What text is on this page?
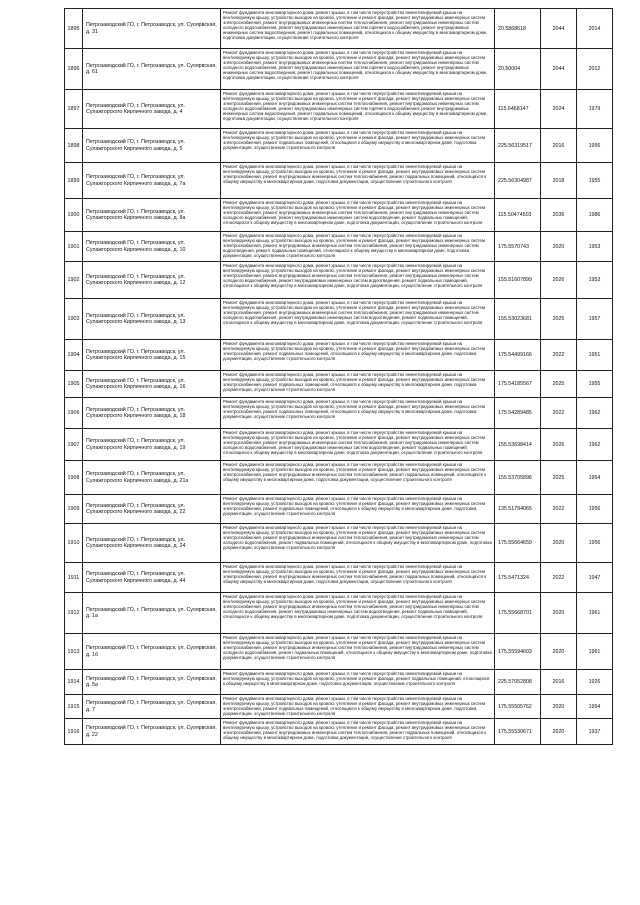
1895	Петрозаводский ГО, г. Петрозаводск, ул. Суоярвская, д. 31	Ремонт фундамента многоквартирного дома, ремонт крыши, в том числе переустройство невентилируемой крыши на вентилируемую крышу, устройство выходов на кровлю, утепление и ремонт фасада, ремонт внутридомовых инженерных систем электроснабжения, ремонт внутридомовых инженерных систем теплоснабжения, ремонт внутридомовых инженерных систем холодного водоснабжения, ремонт внутридомовых инженерных систем горячего водоснабжения, ремонт внутридомовых инженерных систем водоотведения, ремонт подвальных помещений, относящихся к общему имуществу в многоквартирном доме, подготовка документации, осуществление строительного контроля	20.5868618	2044	2014
1896	Петрозаводский ГО, г. Петрозаводск, ул. Суоярвская, д. 61	Ремонт фундамента многоквартирного дома, ремонт крыши, в том числе переустройство невентилируемой крыши на вентилируемую крышу, устройство выходов на кровлю, утепление и ремонт фасада, ремонт внутридомовых инженерных систем электроснабжения, ремонт внутридомовых инженерных систем теплоснабжения, ремонт внутридомовых инженерных систем холодного водоснабжения, ремонт внутридомовых инженерных систем горячего водоснабжения, ремонт внутридомовых инженерных систем водоотведения, ремонт подвальных помещений, относящихся к общему имуществу в многоквартирном доме, подготовка документации, осуществление строительного контроля	20.50004	2044	2012
1897	Петрозаводский ГО, г. Петрозаводск, ул. Сулажгорского Кирпичного завода, д. 4	Ремонт фундамента многоквартирного дома, ремонт крыши, в том числе переустройство невентилируемой крыши на вентилируемую крышу, устройство выходов на кровлю, утепление и ремонт фасада, ремонт внутридомовых инженерных систем электроснабжения, ремонт внутридомовых инженерных систем теплоснабжения, ремонт внутридомовых инженерных систем холодного водоснабжения, ремонт внутридомовых инженерных систем горячего водоснабжения, ремонт внутридомовых инженерных систем водоотведения, ремонт подвальных помещений, относящихся к общему имуществу в многоквартирном доме, подготовка документации, осуществление строительного контроля	115.6468147	2024	1979
1898	Петрозаводский ГО, г. Петрозаводск, ул. Сулажгорского Кирпичного завода, д. 5	Ремонт фундамента многоквартирного дома, ремонт крыши, в том числе переустройство невентилируемой крыши на вентилируемую крышу, устройство выходов на кровлю, утепление и ремонт фасада, ремонт внутридомовых инженерных систем электроснабжения, ремонт подвальных помещений, относящихся к общему имуществу в многоквартирном доме, подготовка документации, осуществление строительного контроля	225.56319517	2016	1956
1899	Петрозаводский ГО, г. Петрозаводск, ул. Сулажгорского Кирпичного завода, д. 7а	Ремонт фундамента многоквартирного дома, ремонт крыши, в том числе переустройство невентилируемой крыши на вентилируемую крышу, устройство выходов на кровлю, утепление и ремонт фасада, ремонт внутридомовых инженерных систем электроснабжения, ремонт внутридомовых инженерных систем теплоснабжения, ремонт подвальных помещений, относящихся к общему имуществу в многоквартирном доме, подготовка документации, осуществление строительного контроля	225.56304987	2018	1955
1900	Петрозаводский ГО, г. Петрозаводск, ул. Сулажгорского Кирпичного завода, д. 8а	Ремонт фундамента многоквартирного дома, ремонт крыши, в том числе переустройство невентилируемой крыши на вентилируемую крышу, устройство выходов на кровлю, утепление и ремонт фасада, ремонт внутридомовых инженерных систем электроснабжения, ремонт внутридомовых инженерных систем теплоснабжения, ремонт внутридомовых инженерных систем холодного водоснабжения, ремонт внутридомовых инженерных систем водоотведения, ремонт подвальных помещений, относящихся к общему имуществу в многоквартирном доме, подготовка документации, осуществление строительного контроля	115.50474503	2036	1986
1901	Петрозаводский ГО, г. Петрозаводск, ул. Сулажгорского Кирпичного завода, д. 10	Ремонт фундамента многоквартирного дома, ремонт крыши, в том числе переустройство невентилируемой крыши на вентилируемую крышу, устройство выходов на кровлю, утепление и ремонт фасада, ремонт внутридомовых инженерных систем электроснабжения, ремонт внутридомовых инженерных систем теплоснабжения, ремонт внутридомовых инженерных систем водоотведения, ремонт подвальных помещений, относящихся к общему имуществу в многоквартирном доме, подготовка документации, осуществление строительного контроля	175.5570743	2020	1953
1902	Петрозаводский ГО, г. Петрозаводск, ул. Сулажгорского Кирпичного завода, д. 12	Ремонт фундамента многоквартирного дома, ремонт крыши, в том числе переустройство невентилируемой крыши на вентилируемую крышу, устройство выходов на кровлю, утепление и ремонт фасада, ремонт внутридомовых инженерных систем электроснабжения, ремонт внутридомовых инженерных систем теплоснабжения, ремонт внутридомовых инженерных систем холодного водоснабжения, ремонт внутридомовых инженерных систем водоотведения, ремонт подвальных помещений, относящихся к общему имуществу в многоквартирном доме, подготовка документации, осуществление строительного контроля	155.51607899	2026	1953
1903	Петрозаводский ГО, г. Петрозаводск, ул. Сулажгорского Кирпичного завода, д. 13	Ремонт фундамента многоквартирного дома, ремонт крыши, в том числе переустройство невентилируемой крыши на вентилируемую крышу, устройство выходов на кровлю, утепление и ремонт фасада, ремонт внутридомовых инженерных систем электроснабжения, ремонт внутридомовых инженерных систем теплоснабжения, ремонт внутридомовых инженерных систем холодного водоснабжения, ремонт внутридомовых инженерных систем водоотведения, ремонт подвальных помещений, относящихся к общему имуществу в многоквартирном доме, подготовка документации, осуществление строительного контроля	155.53023681	2025	1957
1904	Петрозаводский ГО, г. Петрозаводск, ул. Сулажгорского Кирпичного завода, д. 15	Ремонт фундамента многоквартирного дома, ремонт крыши, в том числе переустройство невентилируемой крыши на вентилируемую крышу, устройство выходов на кровлю, утепление и ремонт фасада, ремонт внутридомовых инженерных систем электроснабжения, ремонт подвальных помещений, относящихся к общему имуществу в многоквартирном доме, подготовка документации, осуществление строительного контроля	175.54499166	2022	1951
1905	Петрозаводский ГО, г. Петрозаводск, ул. Сулажгорского Кирпичного завода, д. 16	Ремонт фундамента многоквартирного дома, ремонт крыши, в том числе переустройство невентилируемой крыши на вентилируемую крышу, устройство выходов на кровлю, утепление и ремонт фасада, ремонт внутридомовых инженерных систем электроснабжения, ремонт подвальных помещений, относящихся к общему имуществу в многоквартирном доме, подготовка документации, осуществление строительного контроля	175.54185567	2025	1955
1906	Петрозаводский ГО, г. Петрозаводск, ул. Сулажгорского Кирпичного завода, д. 18	Ремонт фундамента многоквартирного дома, ремонт крыши, в том числе переустройство невентилируемой крыши на вентилируемую крышу, устройство выходов на кровлю, утепление и ремонт фасада, ремонт внутридомовых инженерных систем электроснабжения, ремонт подвальных помещений, относящихся к общему имуществу в многоквартирном доме, подготовка документации, осуществление строительного контроля	175.54289485	2022	1962
1907	Петрозаводский ГО, г. Петрозаводск, ул. Сулажгорского Кирпичного завода, д. 19	Ремонт фундамента многоквартирного дома, ремонт крыши, в том числе переустройство невентилируемой крыши на вентилируемую крышу, устройство выходов на кровлю, утепление и ремонт фасада, ремонт внутридомовых инженерных систем электроснабжения, ремонт внутридомовых инженерных систем теплоснабжения, ремонт внутридомовых инженерных систем холодного водоснабжения, ремонт внутридомовых инженерных систем водоотведения, ремонт подвальных помещений, относящихся к общему имуществу в многоквартирном доме, подготовка документации, осуществление строительного контроля	155.53698414	2026	1962
1908	Петрозаводский ГО, г. Петрозаводск, ул. Сулажгорского Кирпичного завода, д. 21а	Ремонт фундамента многоквартирного дома, ремонт крыши, в том числе переустройство невентилируемой крыши на вентилируемую крышу, устройство выходов на кровлю, утепление и ремонт фасада, ремонт внутридомовых инженерных систем электроснабжения, ремонт внутридомовых инженерных систем теплоснабжения, ремонт подвальных помещений, относящихся к общему имуществу в многоквартирном доме, подготовка документации, осуществление строительного контроля	155.53705896	2025	1954
1909	Петрозаводский ГО, г. Петрозаводск, ул. Сулажгорского Кирпичного завода, д. 22	Ремонт фундамента многоквартирного дома, ремонт крыши, в том числе переустройство невентилируемой крыши на вентилируемую крышу, устройство выходов на кровлю, утепление и ремонт фасада, ремонт внутридомовых инженерных систем электроснабжения, ремонт подвальных помещений, относящихся к общему имуществу в многоквартирном доме, подготовка документации, осуществление строительного контроля	135.51794065	2022	1956
1910	Петрозаводский ГО, г. Петрозаводск, ул. Сулажгорского Кирпичного завода, д. 24	Ремонт фундамента многоквартирного дома, ремонт крыши, в том числе переустройство невентилируемой крыши на вентилируемую крышу, устройство выходов на кровлю, утепление и ремонт фасада, ремонт внутридомовых инженерных систем электроснабжения, ремонт внутридомовых инженерных систем теплоснабжения, ремонт внутридомовых инженерных систем холодного водоснабжения, ремонт подвальных помещений, относящихся к общему имуществу в многоквартирном доме, подготовка документации, осуществление строительного контроля	175.55664659	2020	1956
1911	Петрозаводский ГО, г. Петрозаводск, ул. Сулажгорского Кирпичного завода, д. 44	Ремонт фундамента многоквартирного дома, ремонт крыши, в том числе переустройство невентилируемой крыши на вентилируемую крышу, устройство выходов на кровлю, утепление и ремонт фасада, ремонт внутридомовых инженерных систем электроснабжения, ремонт внутридомовых инженерных систем теплоснабжения, ремонт подвальных помещений, относящихся к общему имуществу в многоквартирном доме, подготовка документации, осуществление строительного контроля	175.5471324	2022	1947
1912	Петрозаводский ГО, г. Петрозаводск, ул. Суоярвская, д. 1а	Ремонт фундамента многоквартирного дома, ремонт крыши, в том числе переустройство невентилируемой крыши на вентилируемую крышу, устройство выходов на кровлю, утепление и ремонт фасада, ремонт внутридомовых инженерных систем электроснабжения, ремонт внутридомовых инженерных систем теплоснабжения, ремонт внутридомовых инженерных систем холодного водоснабжения, ремонт внутридомовых инженерных систем водоотведения, ремонт подвальных помещений, относящихся к общему имуществу в многоквартирном доме, подготовка документации, осуществление строительного контроля	175.55668701	2020	1961
1913	Петрозаводский ГО, г. Петрозаводск, ул. Суоярвская, д. 1б	Ремонт фундамента многоквартирного дома, ремонт крыши, в том числе переустройство невентилируемой крыши на вентилируемую крышу, устройство выходов на кровлю, утепление и ремонт фасада, ремонт внутридомовых инженерных систем электроснабжения, ремонт внутридомовых инженерных систем теплоснабжения, ремонт внутридомовых инженерных систем холодного водоснабжения, ремонт подвальных помещений, относящихся к общему имуществу в многоквартирном доме, подготовка документации, осуществление строительного контроля	175.55594603	2020	1961
1914	Петрозаводский ГО, г. Петрозаводск, ул. Суоярвская, д. 5а	Ремонт фундамента многоквартирного дома, ремонт крыши, в том числе переустройство невентилируемой крыши на вентилируемую крышу, устройство выходов на кровлю, утепление и ремонт фасада, ремонт подвальных помещений, относящихся к общему имуществу в многоквартирном доме, подготовка документации, осуществление строительного контроля	225.57052808	2016	1926
1915	Петрозаводский ГО, г. Петрозаводск, ул. Суоярвская, д. 7	Ремонт фундамента многоквартирного дома, ремонт крыши, в том числе переустройство невентилируемой крыши на вентилируемую крышу, устройство выходов на кровлю, утепление и ремонт фасада, ремонт внутридомовых инженерных систем электроснабжения, ремонт подвальных помещений, относящихся к общему имуществу в многоквартирном доме, подготовка документации, осуществление строительного контроля	175.55505762	2020	1954
1916	Петрозаводский ГО, г. Петрозаводск, ул. Суоярвская, д. 22	Ремонт фундамента многоквартирного дома, ремонт крыши, в том числе переустройство невентилируемой крыши на вентилируемую крышу, устройство выходов на кровлю, утепление и ремонт фасада, ремонт внутридомовых инженерных систем электроснабжения, ремонт внутридомовых инженерных систем теплоснабжения, ремонт подвальных помещений, относящихся к общему имуществу в многоквартирном доме, подготовка документации, осуществление строительного контроля	175.55530671	2020	1937
